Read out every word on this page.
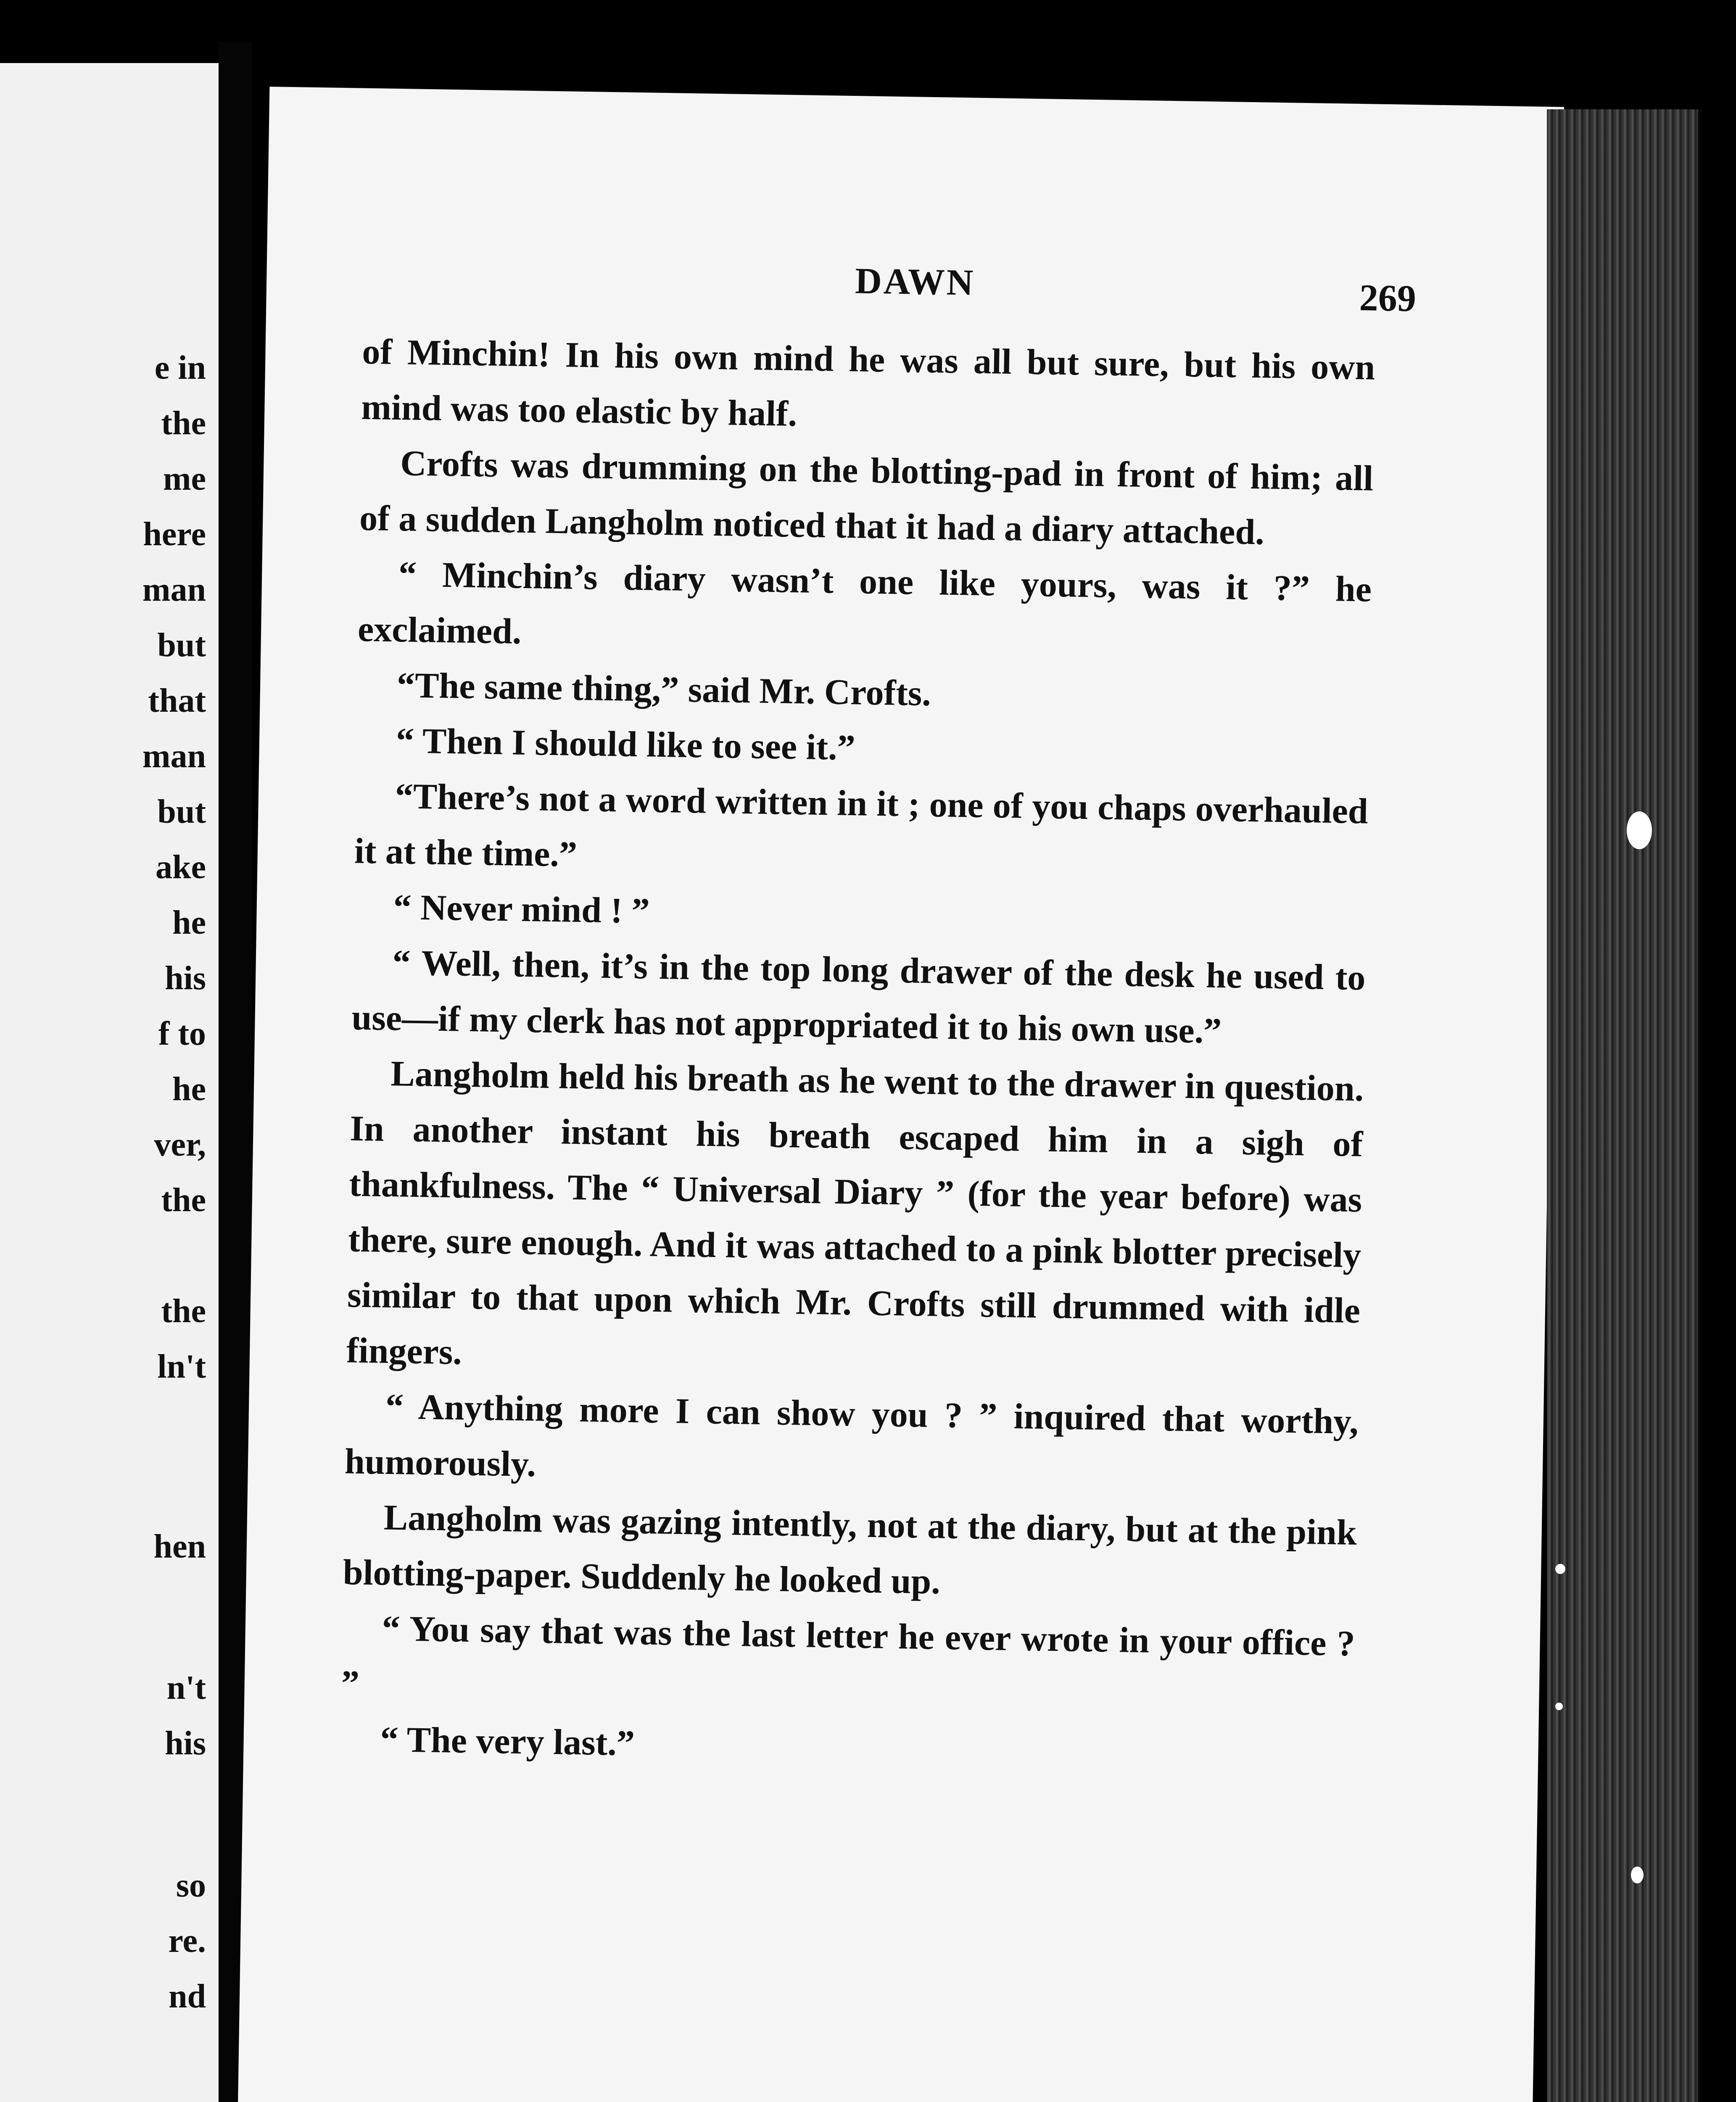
e in
the
me
here
man
but
that
man
but
ake
he
his
f to
he
ver,
the
the
ln't
hen
n't
his
so
re.
nd
DAWN	269

of Minchin! In his own mind he was all but sure, but his own mind was too elastic by half.

Crofts was drumming on the blotting-pad in front of him; all of a sudden Langholm noticed that it had a diary attached.

“ Minchin’s diary wasn’t one like yours, was it ?” he exclaimed.

“The same thing,” said Mr. Crofts.

“ Then I should like to see it.”

“There’s not a word written in it ; one of you chaps overhauled it at the time.”

“ Never mind ! ”

“ Well, then, it’s in the top long drawer of the desk he used to use—if my clerk has not appropriated it to his own use.”

Langholm held his breath as he went to the drawer in question. In another instant his breath escaped him in a sigh of thankfulness. The “ Universal Diary ” (for the year before) was there, sure enough. And it was attached to a pink blotter precisely similar to that upon which Mr. Crofts still drummed with idle fingers.

“ Anything more I can show you ? ” inquired that worthy, humorously.

Langholm was gazing intently, not at the diary, but at the pink blotting-paper. Suddenly he looked up.

“ You say that was the last letter he ever wrote in your office ? ”

“ The very last.”
